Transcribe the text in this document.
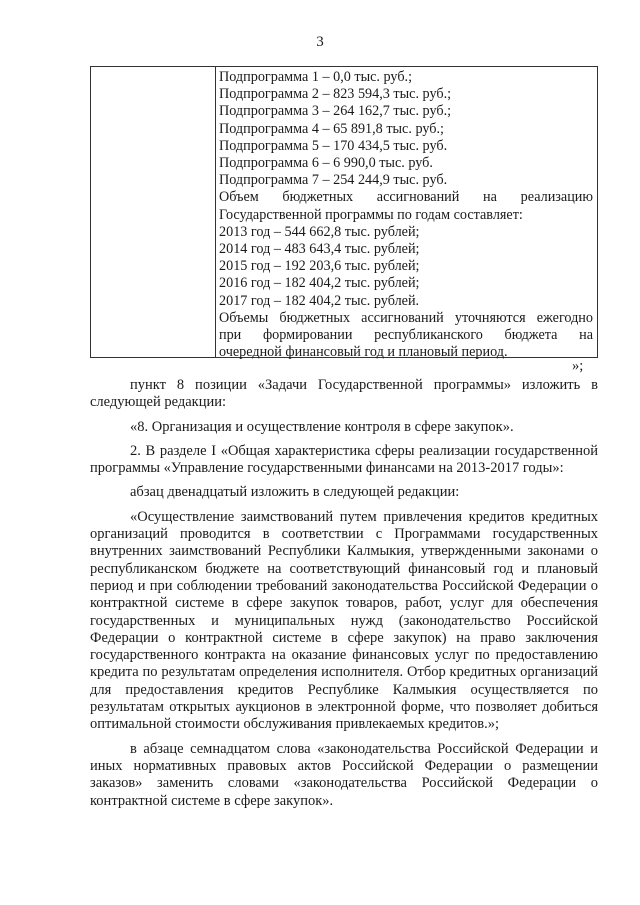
3

Подпрограмма 1 – 0,0 тыс. руб.;

Подпрограмма 2 – 823 594,3 тыс. руб.;

Подпрограмма 3 – 264 162,7 тыс. руб.;

Подпрограмма 4 – 65 891,8 тыс. руб.;

Подпрограмма 5 – 170 434,5 тыс. руб.

Подпрограмма 6 – 6 990,0 тыс. руб.

Подпрограмма 7 – 254 244,9 тыс. руб.

Объем бюджетных ассигнований на реализацию

Государственной программы по годам составляет:

2013 год – 544 662,8 тыс. рублей;

2014 год – 483 643,4 тыс. рублей;

2015 год – 192 203,6 тыс. рублей;

2016 год – 182 404,2 тыс. рублей;

2017 год – 182 404,2 тыс. рублей.

Объемы бюджетных ассигнований уточняются ежегодно

при формировании республиканского бюджета на

очередной финансовый год и плановый период.

»;

пункт 8 позиции «Задачи Государственной программы» изложить в следующей редакции:

«8. Организация и осуществление контроля в сфере закупок».

2. В разделе I «Общая характеристика сферы реализации государственной программы «Управление государственными финансами на 2013-2017 годы»:

абзац двенадцатый изложить в следующей редакции:

«Осуществление заимствований путем привлечения кредитов кредитных организаций проводится в соответствии с Программами государственных внутренних заимствований Республики Калмыкия, утвержденными законами о республиканском бюджете на соответствующий финансовый год и плановый период и при соблюдении требований законодательства Российской Федерации о контрактной системе в сфере закупок товаров, работ, услуг для обеспечения государственных и муниципальных нужд (законодательство Российской Федерации о контрактной системе в сфере закупок) на право заключения государственного контракта на оказание финансовых услуг по предоставлению кредита по результатам определения исполнителя. Отбор кредитных организаций для предоставления кредитов Республике Калмыкия осуществляется по результатам открытых аукционов в электронной форме, что позволяет добиться оптимальной стоимости обслуживания привлекаемых кредитов.»;

в абзаце семнадцатом слова «законодательства Российской Федерации и иных нормативных правовых актов Российской Федерации о размещении заказов» заменить словами «законодательства Российской Федерации о контрактной системе в сфере закупок».
